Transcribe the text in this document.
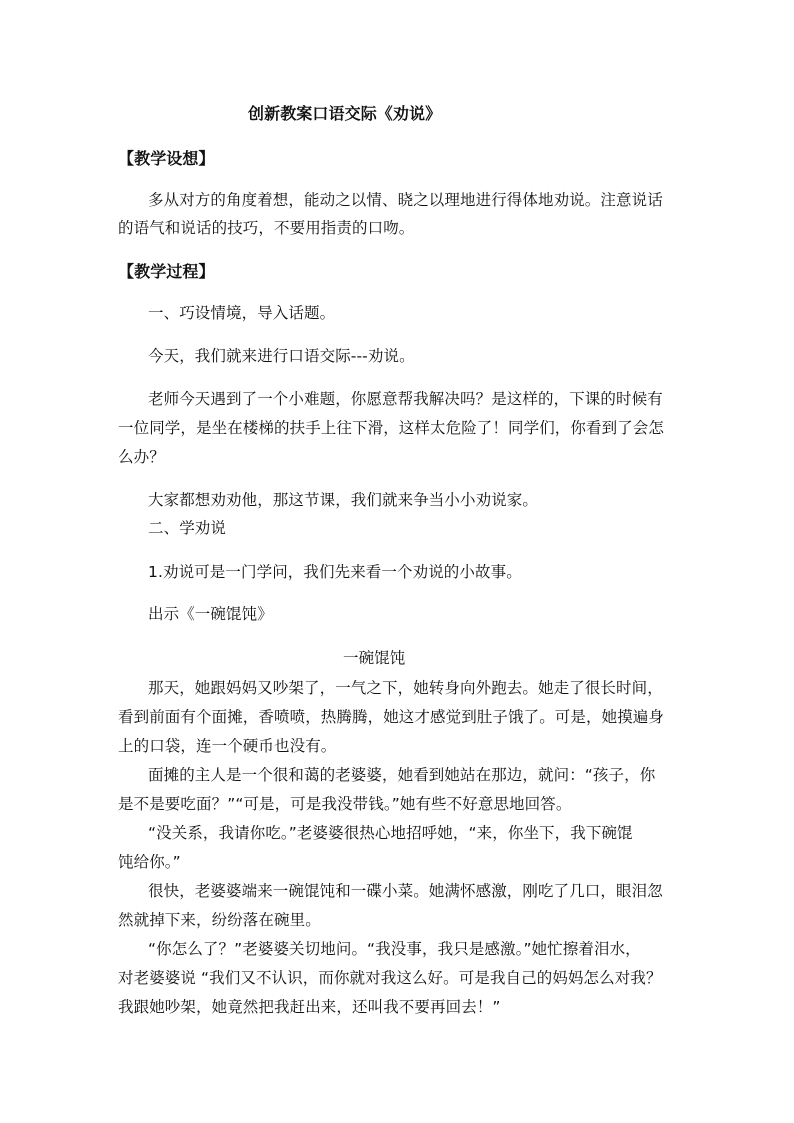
创新教案口语交际《劝说》

【教学设想】

多从对方的角度着想，能动之以情、晓之以理地进行得体地劝说。注意说话

的语气和说话的技巧，不要用指责的口吻。

【教学过程】

一、巧设情境，导入话题。

今天，我们就来进行口语交际---劝说。

老师今天遇到了一个小难题，你愿意帮我解决吗？是这样的，下课的时候有

一位同学，是坐在楼梯的扶手上往下滑，这样太危险了！同学们，你看到了会怎

么办？

大家都想劝劝他，那这节课，我们就来争当小小劝说家。

二、学劝说

1.劝说可是一门学问，我们先来看一个劝说的小故事。

出示《一碗馄饨》

一碗馄饨

那天，她跟妈妈又吵架了，一气之下，她转身向外跑去。她走了很长时间，

看到前面有个面摊，香喷喷，热腾腾，她这才感觉到肚子饿了。可是，她摸遍身

上的口袋，连一个硬币也没有。

面摊的主人是一个很和蔼的老婆婆，她看到她站在那边，就问：“孩子，你

是不是要吃面？”“可是，可是我没带钱。”她有些不好意思地回答。

“没关系，我请你吃。”老婆婆很热心地招呼她，“来，你坐下，我下碗馄

饨给你。”

很快，老婆婆端来一碗馄饨和一碟小菜。她满怀感激，刚吃了几口，眼泪忽

然就掉下来，纷纷落在碗里。

“你怎么了？”老婆婆关切地问。“我没事，我只是感激。”她忙擦着泪水，

对老婆婆说 “我们又不认识，而你就对我这么好。可是我自己的妈妈怎么对我？

我跟她吵架，她竟然把我赶出来，还叫我不要再回去！”
